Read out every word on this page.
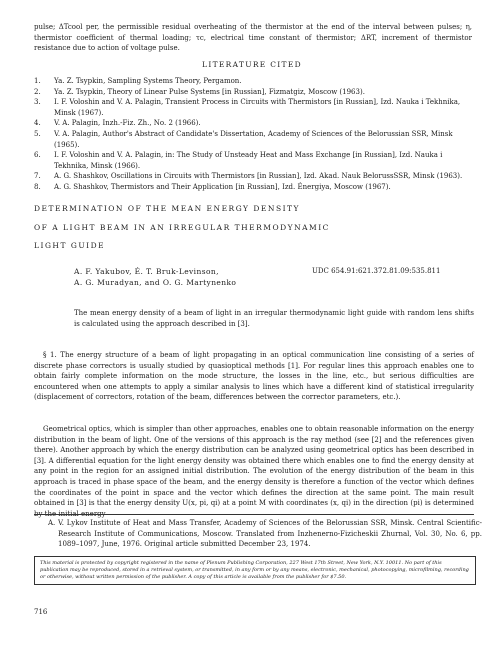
pulse; ΔTcool per, the permissible residual overheating of the thermistor at the end of the interval between pulses; η, thermistor coefficient of thermal loading; τc, electrical time constant of thermistor; ΔRT, increment of thermistor resistance due to action of voltage pulse.
LITERATURE CITED
1.	Ya. Z. Tsypkin, Sampling Systems Theory, Pergamon.
2.	Ya. Z. Tsypkin, Theory of Linear Pulse Systems [in Russian], Fizmatgiz, Moscow (1963).
3.	I. F. Voloshin and V. A. Palagin, Transient Process in Circuits with Thermistors [in Russian], Izd. Nauka i Tekhnika, Minsk (1967).
4.	V. A. Palagin, Inzh.-Fiz. Zh., No. 2 (1966).
5.	V. A. Palagin, Author's Abstract of Candidate's Dissertation, Academy of Sciences of the Belorussian SSR, Minsk (1965).
6.	I. F. Voloshin and V. A. Palagin, in: The Study of Unsteady Heat and Mass Exchange [in Russian], Izd. Nauka i Tekhnika, Minsk (1966).
7.	A. G. Shashkov, Oscillations in Circuits with Thermistors [in Russian], Izd. Akad. Nauk BelorussSSR, Minsk (1963).
8.	A. G. Shashkov, Thermistors and Their Application [in Russian], Izd. Énergiya, Moscow (1967).
DETERMINATION OF THE MEAN ENERGY DENSITY
OF A LIGHT BEAM IN AN IRREGULAR THERMODYNAMIC
LIGHT GUIDE
A. F. Yakubov, É. T. Bruk-Levinson,
A. G. Muradyan, and O. G. Martynenko
UDC 654.91:621.372.81.09:535.811
The mean energy density of a beam of light in an irregular thermodynamic light guide with random lens shifts is calculated using the approach described in [3].
§ 1. The energy structure of a beam of light propagating in an optical communication line consisting of a series of discrete phase correctors is usually studied by quasioptical methods [1]. For regular lines this approach enables one to obtain fairly complete information on the mode structure, the losses in the line, etc., but serious difficulties are encountered when one attempts to apply a similar analysis to lines which have a different kind of statistical irregularity (displacement of correctors, rotation of the beam, differences between the corrector parameters, etc.).
Geometrical optics, which is simpler than other approaches, enables one to obtain reasonable information on the energy distribution in the beam of light. One of the versions of this approach is the ray method (see [2] and the references given there). Another approach by which the energy distribution can be analyzed using geometrical optics has been described in [3]. A differential equation for the light energy density was obtained there which enables one to find the energy density at any point in the region for an assigned initial distribution. The evolution of the energy distribution of the beam in this approach is traced in phase space of the beam, and the energy density is therefore a function of the vector which defines the coordinates of the point in space and the vector which defines the direction at the same point. The main result obtained in [3] is that the energy density U(x, pi, qi) at a point M with coordinates (x, qi) in the direction (pi) is determined by the initial energy
A. V. Lykov Institute of Heat and Mass Transfer, Academy of Sciences of the Belorussian SSR, Minsk. Central Scientific-Research Institute of Communications, Moscow. Translated from Inzhenerno-Fizicheskii Zhurnal, Vol. 30, No. 6, pp. 1089–1097, June, 1976. Original article submitted December 23, 1974.
This material is protected by copyright registered in the name of Plenum Publishing Corporation, 227 West 17th Street, New York, N.Y. 10011. No part of this publication may be reproduced, stored in a retrieval system, or transmitted, in any form or by any means, electronic, mechanical, photocopying, microfilming, recording or otherwise, without written permission of the publisher. A copy of this article is available from the publisher for $7.50.
716
